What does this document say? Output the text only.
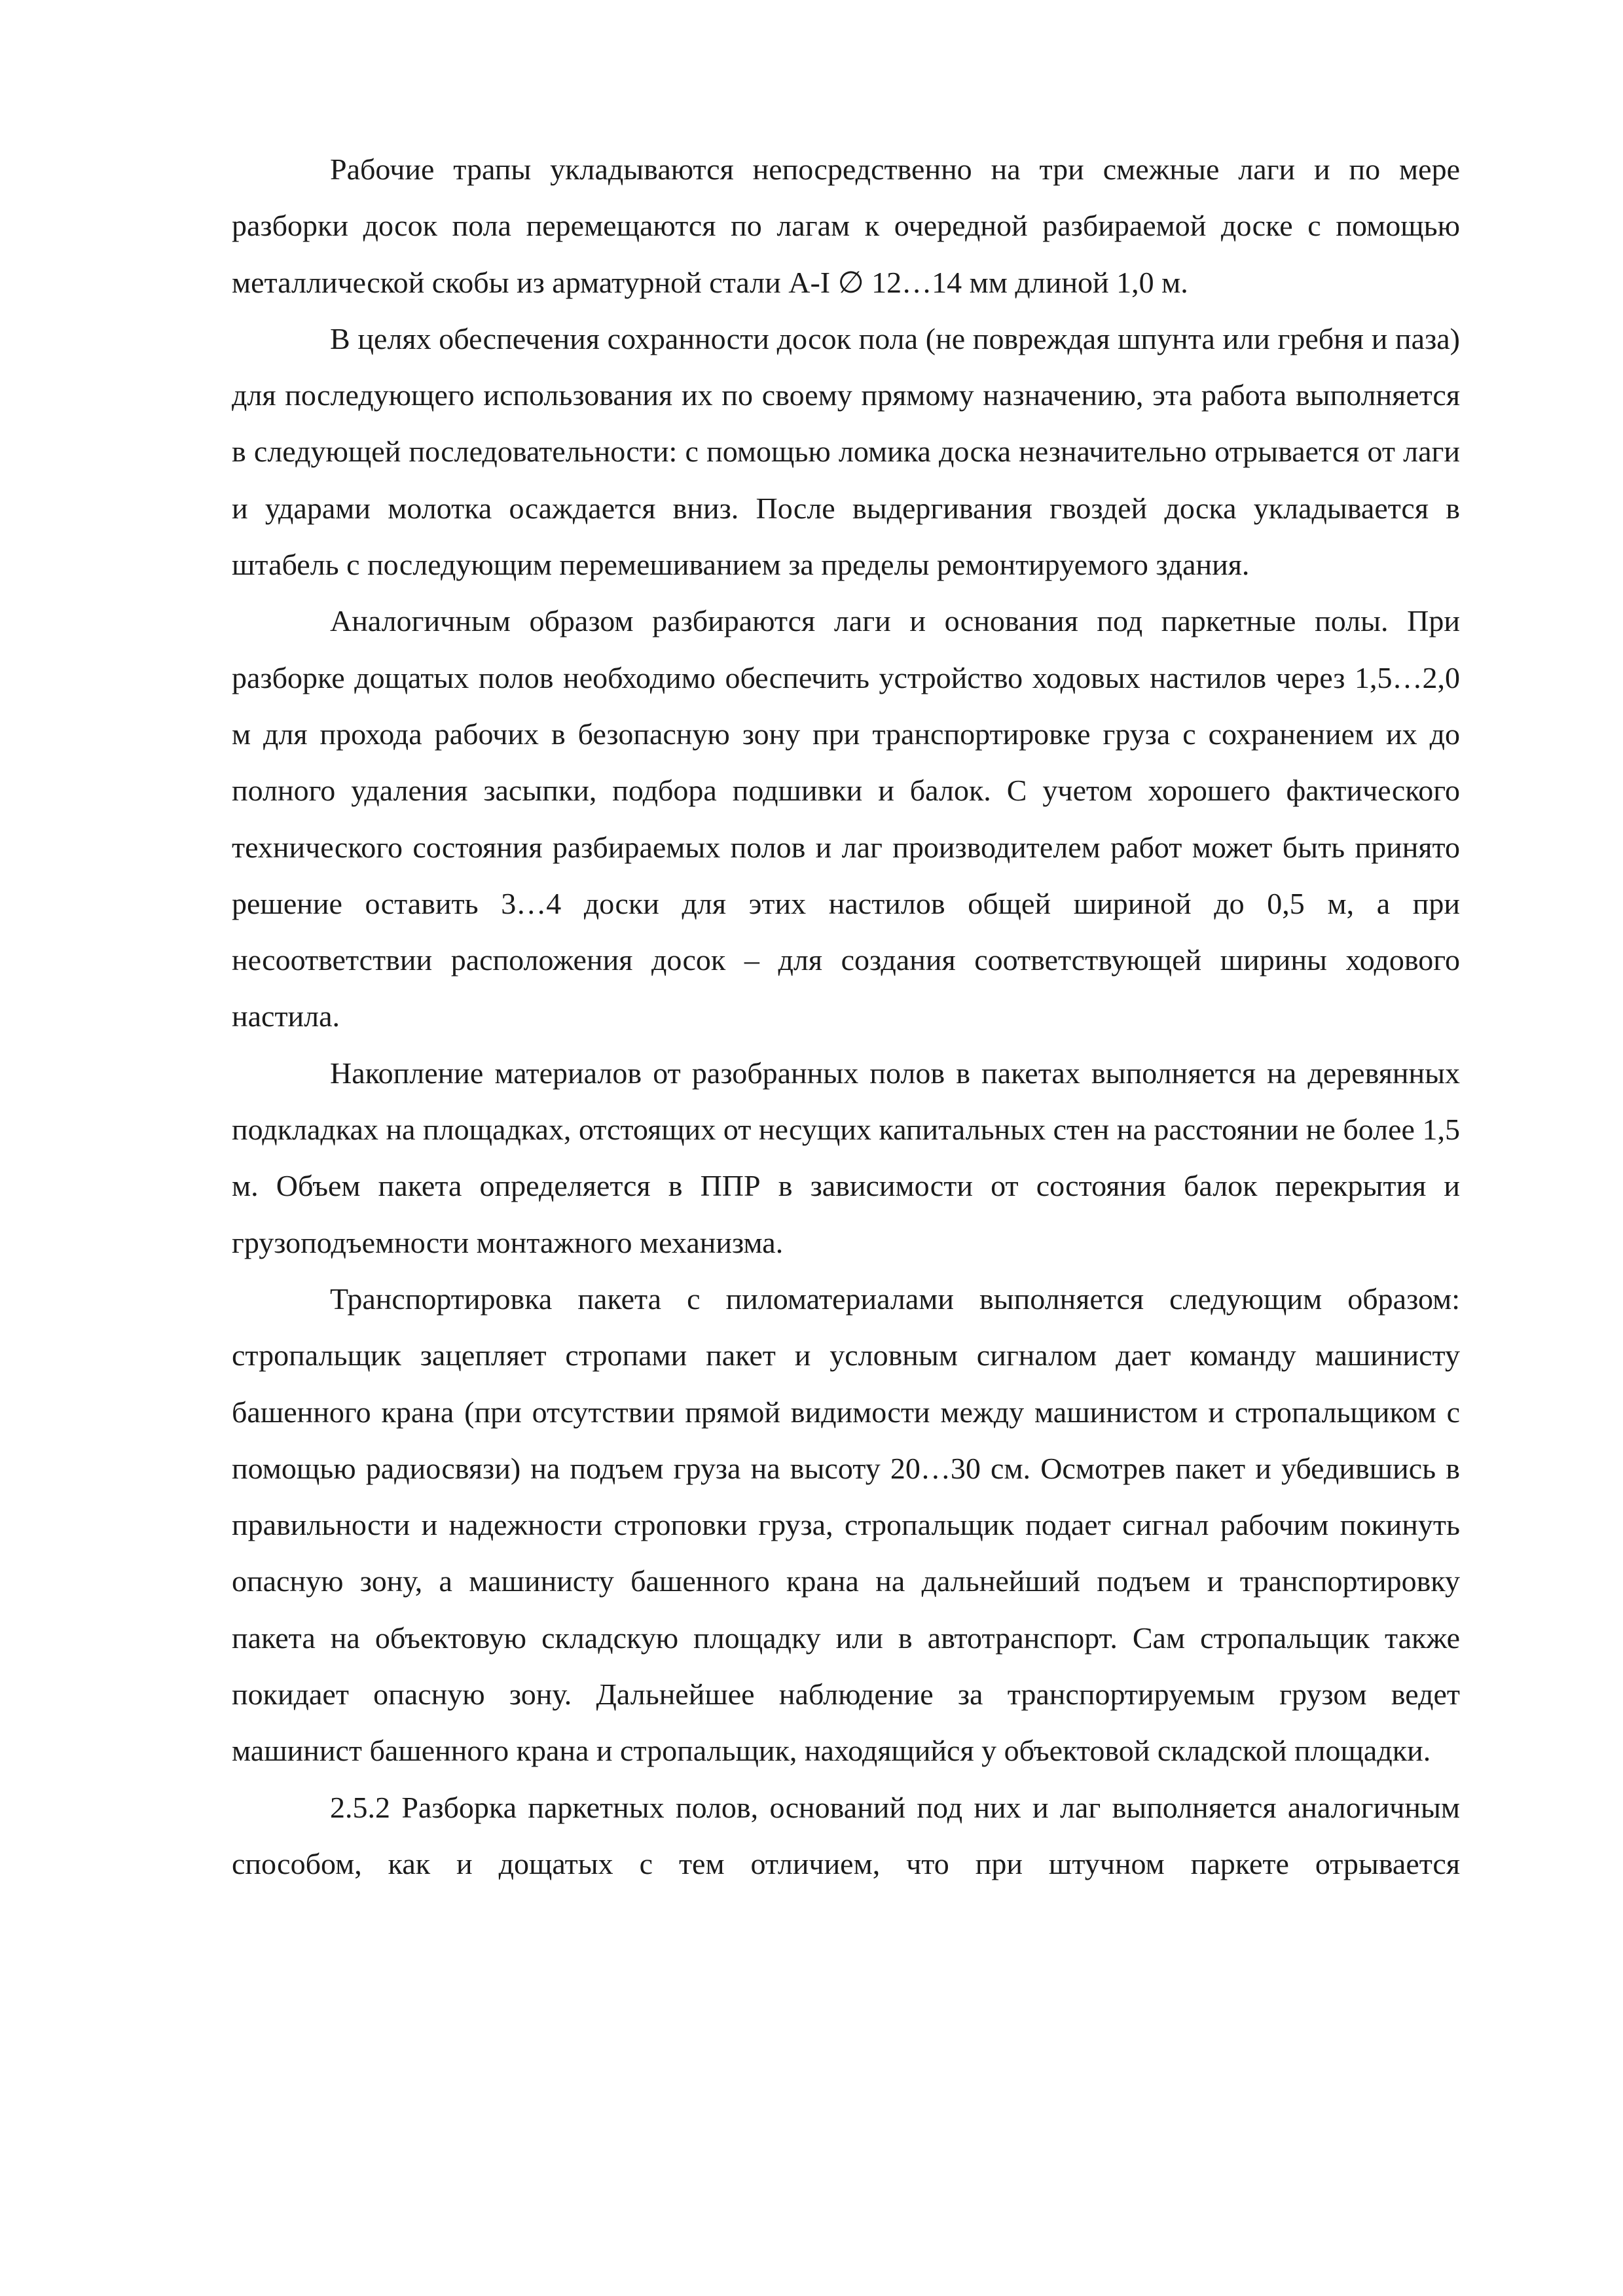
Рабочие трапы укладываются непосредственно на три смежные лаги и по мере разборки досок пола перемещаются по лагам к очередной разбираемой доске с помощью металлической скобы из арматурной стали A-I ∅ 12…14 мм длиной 1,0 м.

В целях обеспечения сохранности досок пола (не повреждая шпунта или гребня и паза) для последующего использования их по своему прямому назначению, эта работа выполняется в следующей последовательности: с помощью ломика доска незначительно отрывается от лаги и ударами молотка осаждается вниз. После выдергивания гвоздей доска укладывается в штабель с последующим перемешиванием за пределы ремонтируемого здания.

Аналогичным образом разбираются лаги и основания под паркетные полы. При разборке дощатых полов необходимо обеспечить устройство ходовых настилов через 1,5…2,0 м для прохода рабочих в безопасную зону при транспортировке груза с сохранением их до полного удаления засыпки, подбора подшивки и балок. С учетом хорошего фактического технического состояния разбираемых полов и лаг производителем работ может быть принято решение оставить 3…4 доски для этих настилов общей шириной до 0,5 м, а при несоответствии расположения досок – для создания соответствующей ширины ходового настила.

Накопление материалов от разобранных полов в пакетах выполняется на деревянных подкладках на площадках, отстоящих от несущих капитальных стен на расстоянии не более 1,5 м. Объем пакета определяется в ППР в зависимости от состояния балок перекрытия и грузоподъемности монтажного механизма.

Транспортировка пакета с пиломатериалами выполняется следующим образом: стропальщик зацепляет стропами пакет и условным сигналом дает команду машинисту башенного крана (при отсутствии прямой видимости между машинистом и стропальщиком с помощью радиосвязи) на подъем груза на высоту 20…30 см. Осмотрев пакет и убедившись в правильности и надежности строповки груза, стропальщик подает сигнал рабочим покинуть опасную зону, а машинисту башенного крана на дальнейший подъем и транспортировку пакета на объектовую складскую площадку или в автотранспорт. Сам стропальщик также покидает опасную зону. Дальнейшее наблюдение за транспортируемым грузом ведет машинист башенного крана и стропальщик, находящийся у объектовой складской площадки.

2.5.2 Разборка паркетных полов, оснований под них и лаг выполняется аналогичным способом, как и дощатых с тем отличием, что при штучном паркете отрывается
